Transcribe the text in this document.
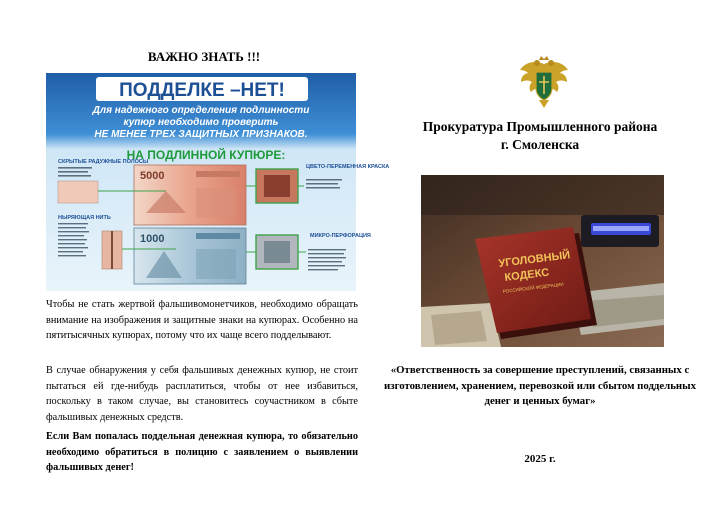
ВАЖНО ЗНАТЬ !!!
ПОДДЕЛКЕ –НЕТ!
Для надежного определения подлинности
купюр необходимо проверить
НЕ МЕНЕЕ ТРЕХ ЗАЩИТНЫХ ПРИЗНАКОВ.
НА ПОДЛИННОЙ КУПЮРЕ:
СКРЫТЫЕ РАДУЖНЫЕ ПОЛОСЫ
НЫРЯЮЩАЯ НИТЬ
ЦВЕТО-ПЕРЕМЕННАЯ КРАСКА
МИКРО-ПЕРФОРАЦИЯ
5000
1000

Чтобы не стать жертвой фальшивомонетчиков, необходимо обращать внимание на изображения и защитные знаки на купюрах. Особенно на пятитысячных купюрах, потому что их чаще всего подделывают.

В случае обнаружения у себя фальшивых денежных купюр, не стоит пытаться ей где-нибудь расплатиться, чтобы от нее избавиться, поскольку в таком случае, вы становитесь соучастником в сбыте фальшивых денежных средств.

Если Вам попалась поддельная денежная купюра, то обязательно необходимо обратиться в полицию с заявлением о выявлении фальшивых денег!

Прокуратура Промышленного района
г. Смоленска
УГОЛОВНЫЙ
КОДЕКС
РОССИЙСКОЙ ФЕДЕРАЦИИ
«Ответственность за совершение преступлений, связанных с изготовлением, хранением, перевозкой или сбытом поддельных денег и ценных бумаг»
2025 г.
